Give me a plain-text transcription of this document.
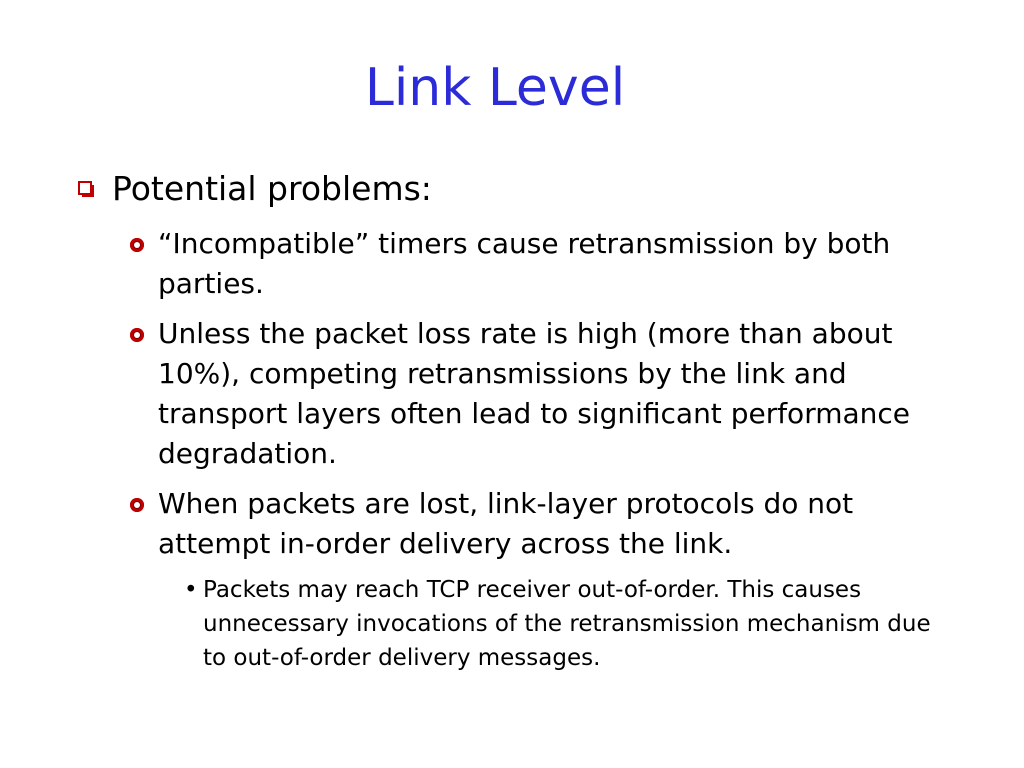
Link Level
Potential problems:
“Incompatible” timers cause retransmission by both parties.
Unless the packet loss rate is high (more than about 10%), competing retransmissions by the link and transport layers often lead to significant performance degradation.
When packets are lost, link-layer protocols do not attempt in-order delivery across the link.
• Packets may reach TCP receiver out-of-order. This causes unnecessary invocations of the retransmission mechanism due to out-of-order delivery messages.
